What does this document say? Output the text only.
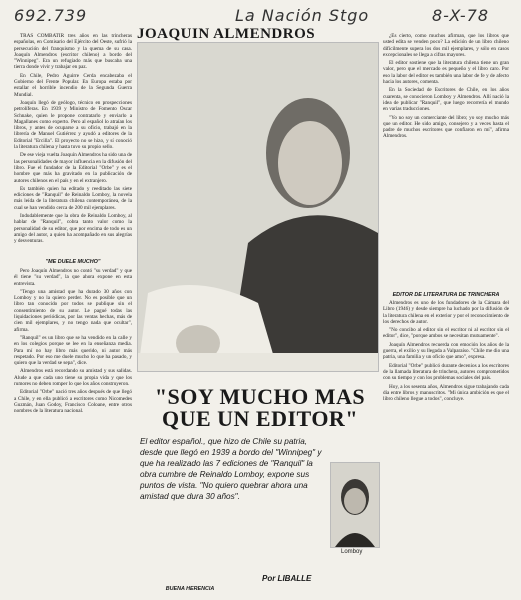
692.739	La Nación Stgo	8-X-78
JOAQUIN ALMENDROS

TRAS COMBATIR tres años en las trincheras españolas, en Comisario del Ejército del Oeste, sufrió la persecución del franquismo y la quema de su casa. Joaquín Almendros (escritor chileno) a bordo del "Winnipeg". Era un refugiado más que buscaba una tierra donde vivir y trabajar en paz.

En Chile, Pedro Aguirre Cerda encabezaba el Gobierno del Frente Popular. En Europa estaba por estallar el horrible incendio de la Segunda Guerra Mundial.

Joaquín llegó de geólogo, técnico en prospecciones petrolíferas. En 1939 y Ministro de Fomento Oscar Schnake, quien le propone contratarlo y enviarlo a Magallanes como experto. Pero al español lo atraían los libros, y antes de ocuparse a su oficio, trabajó en la librería de Manuel Gutiérrez y ayudó a editores de la Editorial "Ercilla". El proyecto no se hizo, y sí conoció la literatura chilena y hasta tuvo su propio sello.

De ese vieja vuelta Joaquín Almendros ha sido una de las personalidades de mayor influencia en la difusión del libro. Fue el fundador de la Editorial "Orbe" y es el hombre que más ha gravitado en la publicación de autores chilenos en el país y en el extranjero.

Es también quien ha editado y reeditado las siete ediciones de "Ranquil" de Reinaldo Lomboy, la novela más leída de la literatura chilena contemporánea, de la cual se han vendido cerca de 200 mil ejemplares.

Indudablemente que la obra de Reinaldo Lomboy, al hablar de "Ranquil", cobra tanto valor como la personalidad de su editor, que por encima de todo es un amigo del autor, a quien ha acompañado en sus alegrías y desventuras.

"ME DUELE MUCHO"

Pero Joaquín Almendros no contó "su verdad" y que él tiene "su verdad", la que ahora expone en esta entrevista.

"Tengo una amistad que ha durado 30 años con Lomboy y no la quiero perder. No es posible que un libro tan conocido por todos se publique sin el consentimiento de su autor. Le pagué todas las liquidaciones periódicas, por las ventas hechas, más de cien mil ejemplares, y no tengo nada que ocultar", afirma.

"Ranquil" es un libro que se ha vendido en la calle y en los colegios porque se lee en la enseñanza media. Para mí no hay libro más querido, ni autor más respetado. Por eso me duele mucho lo que ha pasado, y quiero que la verdad se sepa", dice.

Almendros está recordando su amistad y sus salidas. Alude a que cada uno tiene su propia vida y que los rumores no deben romper lo que los años construyeron.

Editorial "Orbe" nació tres años después de que llegó a Chile, y en ella publicó a escritores como Nicomedes Guzmán, Juan Godoy, Francisco Coloane, entre otros nombres de la literatura nacional.

¿Es cierto, como muchos afirman, que los libros que usted edita se venden poco? La edición de un libro chileno difícilmente supera los dos mil ejemplares, y sólo en casos excepcionales se llega a cifras mayores.

El editor sostiene que la literatura chilena tiene un gran valor, pero que el mercado es pequeño y el libro caro. Por eso la labor del editor es también una labor de fe y de afecto hacia los autores, comenta.

En la Sociedad de Escritores de Chile, en los años cuarenta, se conocieron Lomboy y Almendros. Allí nació la idea de publicar "Ranquil", que luego recorrería el mundo en varias traducciones.

"Yo no soy un comerciante del libro; yo soy mucho más que un editor. He sido amigo, consejero y a veces hasta el padre de muchos escritores que confiaron en mí", afirma Almendros.

EDITOR DE LITERATURA DE TRINCHERA

Almendros es uno de los fundadores de la Cámara del Libro (1946) y desde siempre ha luchado por la difusión de la literatura chilena en el exterior y por el reconocimiento de los derechos de autor.

"No concibo al editor sin el escritor ni al escritor sin el editor", dice, "porque ambos se necesitan mutuamente".

Joaquín Almendros recuerda con emoción los años de la guerra, el exilio y su llegada a Valparaíso. "Chile me dio una patria, una familia y un oficio que amo", expresa.

Editorial "Orbe" publicó durante decenios a los escritores de la llamada literatura de trinchera, autores comprometidos con su tiempo y con los problemas sociales del país.

Hoy, a los sesenta años, Almendros sigue trabajando cada día entre libros y manuscritos. "Mi única ambición es que el libro chileno llegue a todos", concluye.

"SOY MUCHO MAS QUE UN EDITOR"
El editor español., que hizo de Chile su patria, desde que llegó en 1939 a bordo del "Winnipeg" y que ha realizado las 7 ediciones de "Ranquil" la obra cumbre de Reinaldo Lomboy, expone sus puntos de vista. "No quiero quebrar ahora una amistad que dura 30 años".
Por LIBALLE
Lomboy
BUENA HERENCIA
